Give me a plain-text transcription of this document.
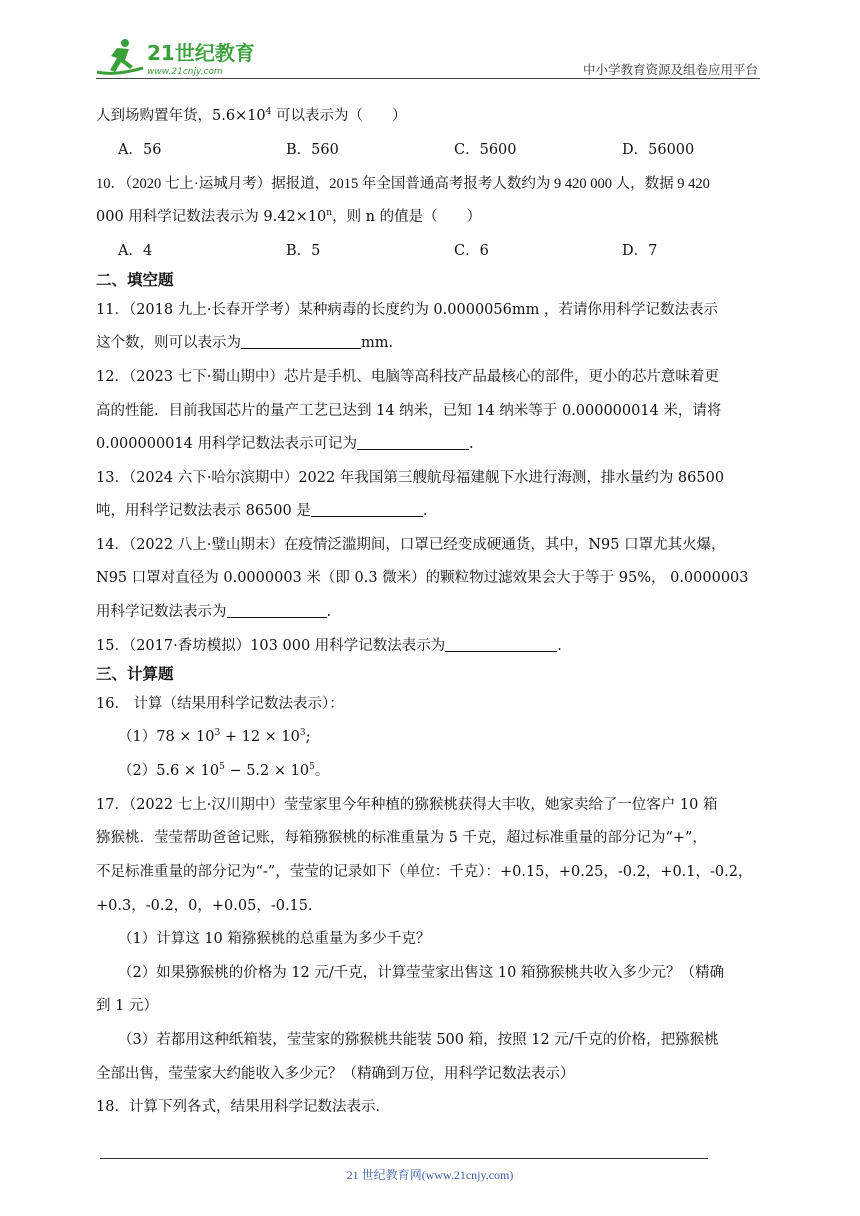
21世纪教育
www.21cnjy.com	中小学教育资源及组卷应用平台
人到场购置年货，$5.6\times 10^4$ 可以表示为（　　）
A．56	B．560	C．5600	D．56000
10．（2020 七上·运城月考）据报道，2015 年全国普通高考报考人数约为 9 420 000 人，数据 9 420
000 用科学记数法表示为 $9.42\times 10^n$，则 n 的值是（　　）
A．4	B．5	C．6	D．7
二、填空题
11．（2018 九上·长春开学考）某种病毒的长度约为 0.0000056mm ，若请你用科学记数法表示
这个数，则可以表示为	mm.
12．（2023 七下·蜀山期中）芯片是手机、电脑等高科技产品最核心的部件，更小的芯片意味着更
高的性能．目前我国芯片的量产工艺已达到 14 纳米，已知 14 纳米等于 0.000000014 米，请将
0.000000014 用科学记数法表示可记为	.
13．（2024 六下·哈尔滨期中）2022 年我国第三艘航母福建舰下水进行海测，排水量约为 86500
吨，用科学记数法表示 86500 是	.
14．（2022 八上·璧山期末）在疫情泛滥期间，口罩已经变成硬通货，其中，N95 口罩尤其火爆，
N95 口罩对直径为 0.0000003 米（即 0.3 微米）的颗粒物过滤效果会大于等于 95%， 0.0000003
用科学记数法表示为	.
15．（2017·香坊模拟）103 000 用科学记数法表示为	.
三、计算题
16． 计算（结果用科学记数法表示）：
$(1)78 \times 10^3 + 12 \times 10^3$;
$(2)5.6 \times 10^5 - 5.2 \times 10^5$。
17．（2022 七上·汉川期中）莹莹家里今年种植的猕猴桃获得大丰收，她家卖给了一位客户 10 箱
猕猴桃．莹莹帮助爸爸记账，每箱猕猴桃的标准重量为 5 千克，超过标准重量的部分记为“+”，
不足标准重量的部分记为“-”，莹莹的记录如下（单位：千克）：+0.15，+0.25，-0.2，+0.1，-0.2，
+0.3，-0.2，0，+0.05，-0.15．
（1）计算这 10 箱猕猴桃的总重量为多少千克？
（2）如果猕猴桃的价格为 12 元/千克，计算莹莹家出售这 10 箱猕猴桃共收入多少元？（精确
到 1 元）
（3）若都用这种纸箱装，莹莹家的猕猴桃共能装 500 箱，按照 12 元/千克的价格，把猕猴桃
全部出售，莹莹家大约能收入多少元？（精确到万位，用科学记数法表示）
18．计算下列各式，结果用科学记数法表示．
21 世纪教育网(www.21cnjy.com)
